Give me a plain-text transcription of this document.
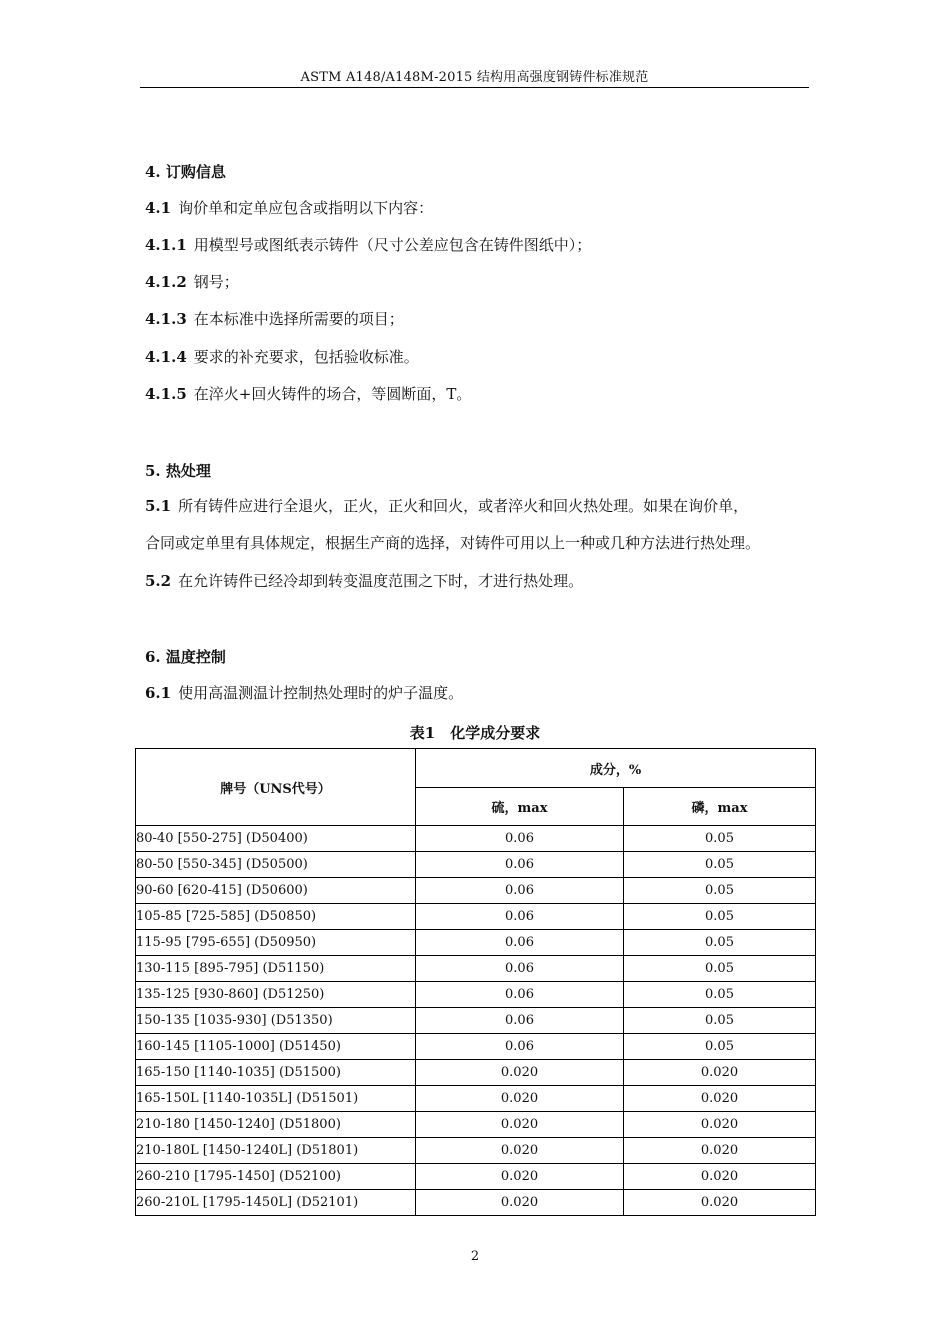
ASTM A148/A148M-2015 结构用高强度钢铸件标准规范
4. 订购信息
4.1 询价单和定单应包含或指明以下内容：
4.1.1 用模型号或图纸表示铸件（尺寸公差应包含在铸件图纸中）；
4.1.2 钢号；
4.1.3 在本标准中选择所需要的项目；
4.1.4 要求的补充要求，包括验收标准。
4.1.5 在淬火+回火铸件的场合，等圆断面，T。
5. 热处理
5.1 所有铸件应进行全退火，正火，正火和回火，或者淬火和回火热处理。如果在询价单，
合同或定单里有具体规定，根据生产商的选择，对铸件可用以上一种或几种方法进行热处理。
5.2 在允许铸件已经冷却到转变温度范围之下时，才进行热处理。
6. 温度控制
6.1 使用高温测温计控制热处理时的炉子温度。
表1　化学成分要求
牌号（UNS代号）	成分，%	
	硫，max	磷，max
80-40 [550-275] (D50400)	0.06	0.05
80-50 [550-345] (D50500)	0.06	0.05
90-60 [620-415] (D50600)	0.06	0.05
105-85 [725-585] (D50850)	0.06	0.05
115-95 [795-655] (D50950)	0.06	0.05
130-115 [895-795] (D51150)	0.06	0.05
135-125 [930-860] (D51250)	0.06	0.05
150-135 [1035-930] (D51350)	0.06	0.05
160-145 [1105-1000] (D51450)	0.06	0.05
165-150 [1140-1035] (D51500)	0.020	0.020
165-150L [1140-1035L] (D51501)	0.020	0.020
210-180 [1450-1240] (D51800)	0.020	0.020
210-180L [1450-1240L] (D51801)	0.020	0.020
260-210 [1795-1450] (D52100)	0.020	0.020
260-210L [1795-1450L] (D52101)	0.020	0.020
2
